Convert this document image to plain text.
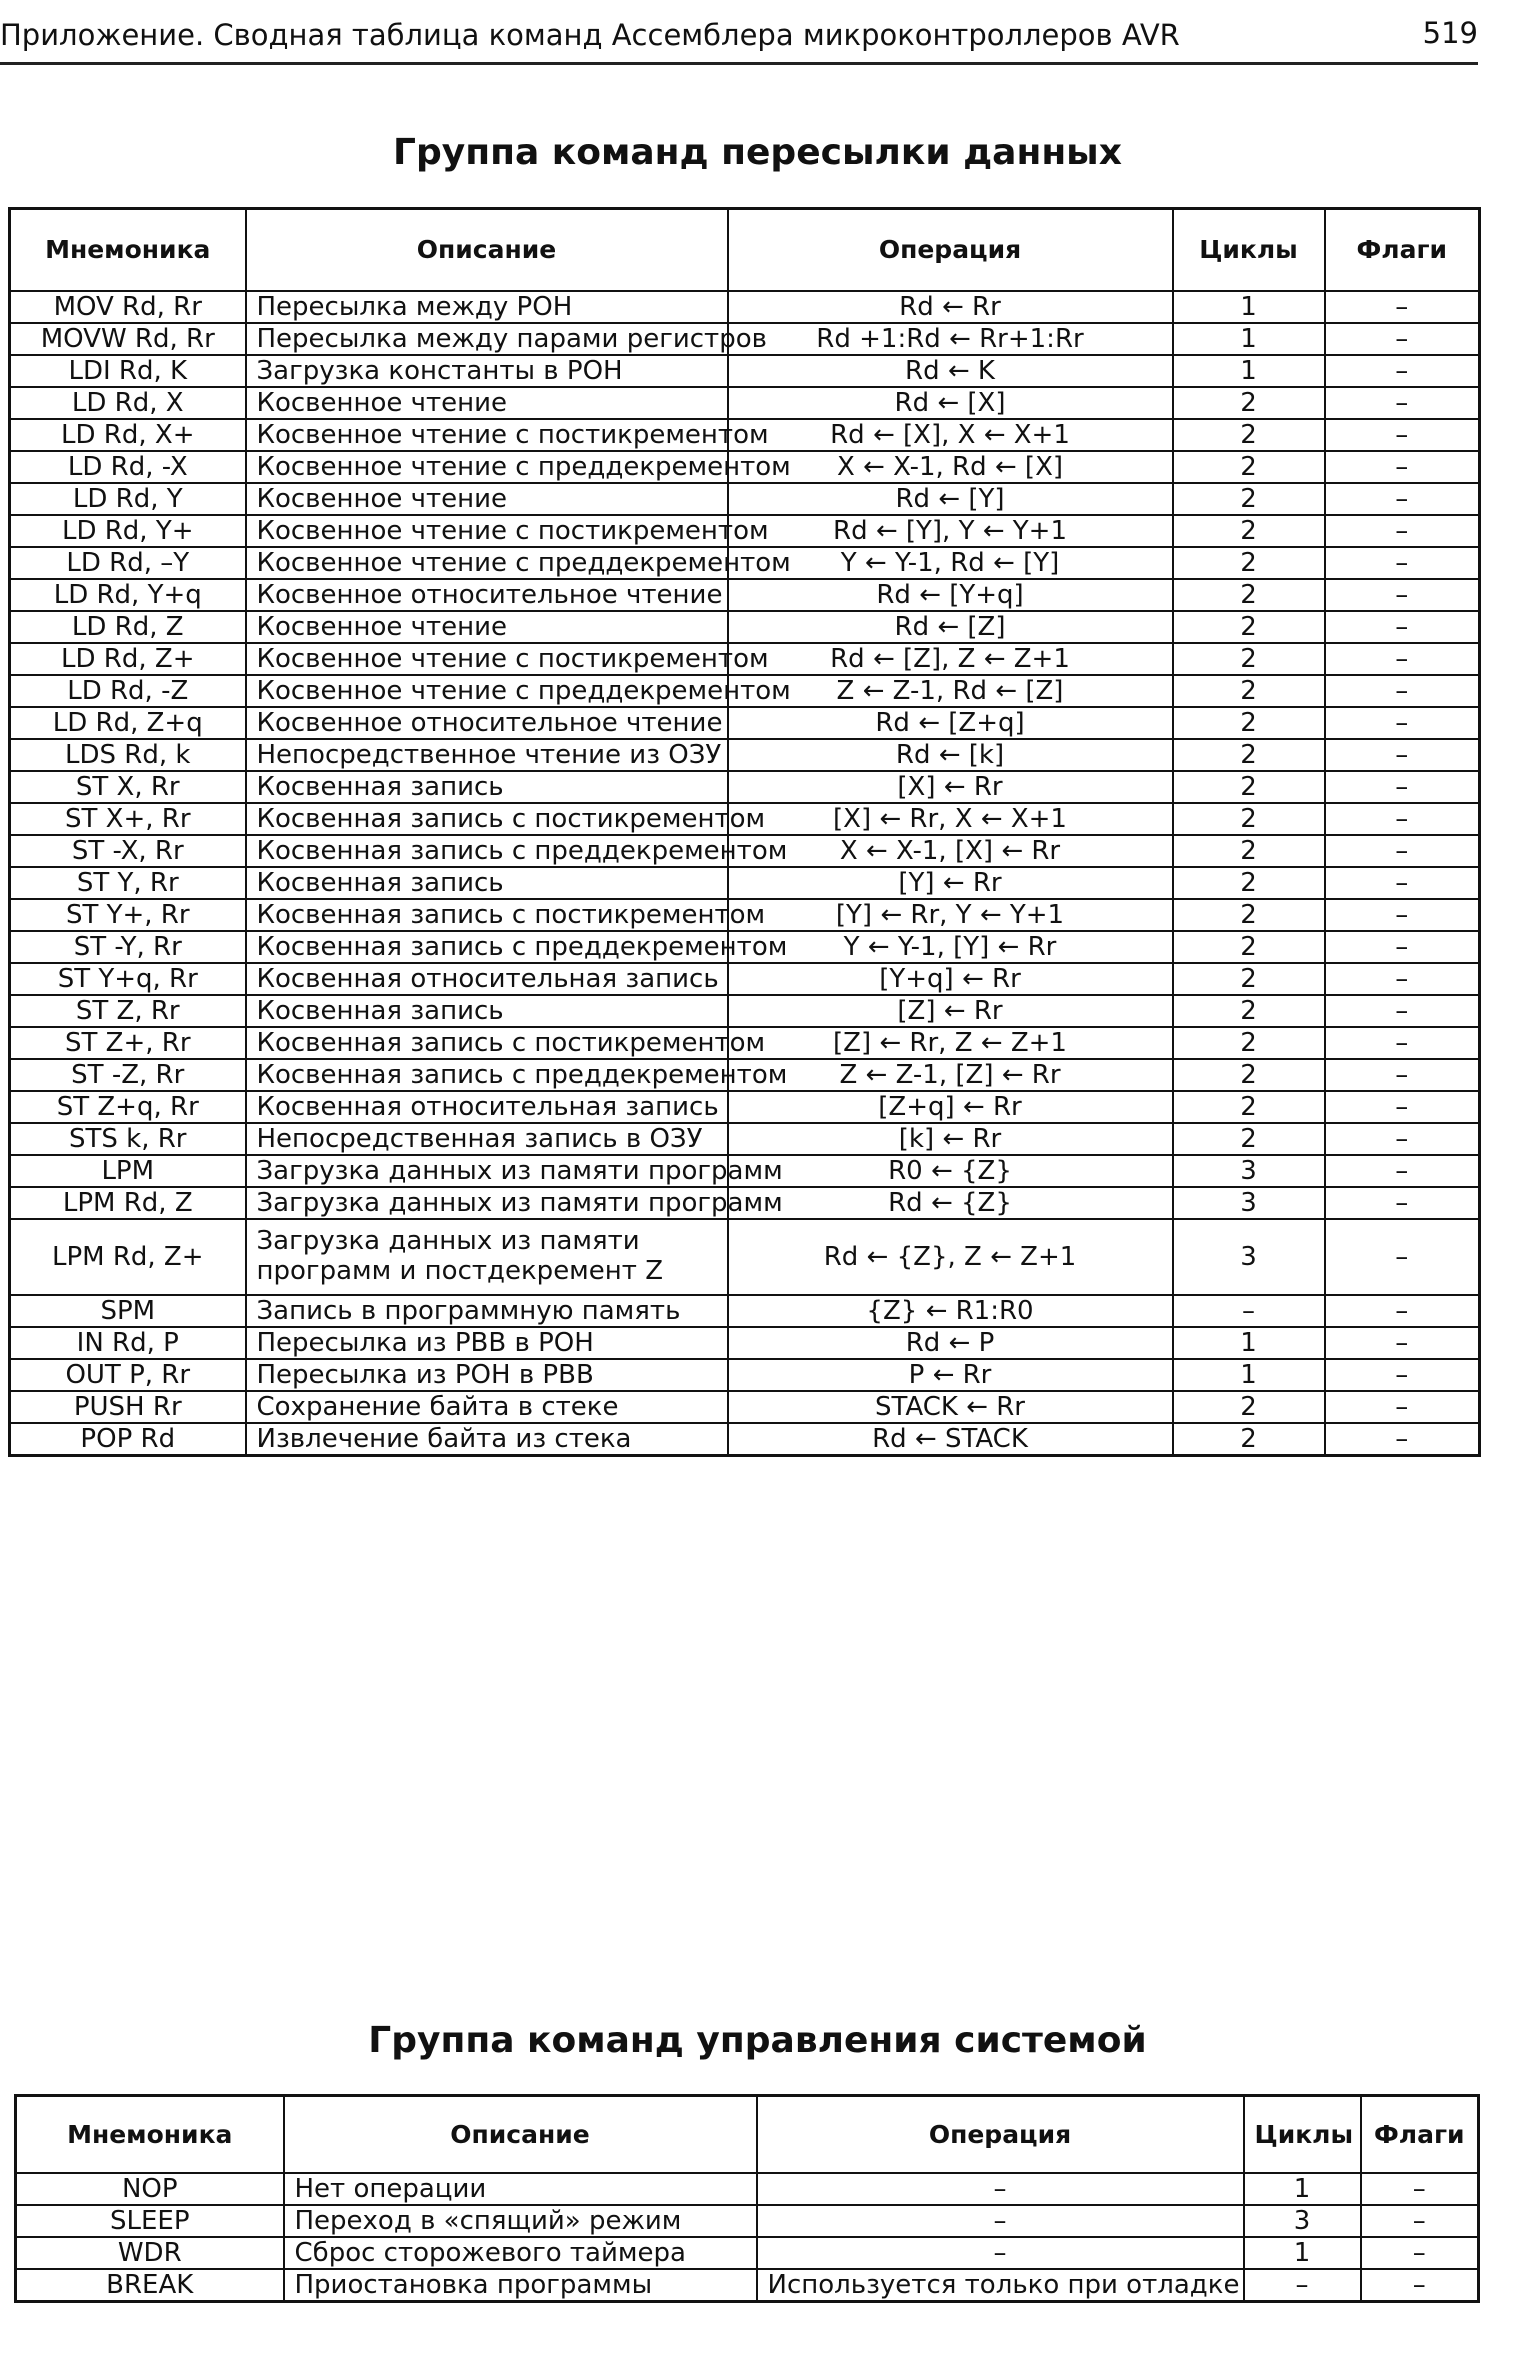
Приложение. Сводная таблица команд Ассемблера микроконтроллеров AVR	519
Группа команд пересылки данных
Мнемоника	Описание	Операция	Циклы	Флаги
MOV Rd, Rr	Пересылка между РОН	Rd ← Rr	1	–
MOVW Rd, Rr	Пересылка между парами регистров	Rd +1:Rd ← Rr+1:Rr	1	–
LDI Rd, K	Загрузка константы в РОН	Rd ← K	1	–
LD Rd, X	Косвенное чтение	Rd ← [X]	2	–
LD Rd, X+	Косвенное чтение с постикрементом	Rd ← [X], X ← X+1	2	–
LD Rd, -X	Косвенное чтение с преддекрементом	X ← X-1, Rd ← [X]	2	–
LD Rd, Y	Косвенное чтение	Rd ← [Y]	2	–
LD Rd, Y+	Косвенное чтение с постикрементом	Rd ← [Y], Y ← Y+1	2	–
LD Rd, –Y	Косвенное чтение с преддекрементом	Y ← Y-1, Rd ← [Y]	2	–
LD Rd, Y+q	Косвенное относительное чтение	Rd ← [Y+q]	2	–
LD Rd, Z	Косвенное чтение	Rd ← [Z]	2	–
LD Rd, Z+	Косвенное чтение с постикрементом	Rd ← [Z], Z ← Z+1	2	–
LD Rd, -Z	Косвенное чтение с преддекрементом	Z ← Z-1, Rd ← [Z]	2	–
LD Rd, Z+q	Косвенное относительное чтение	Rd ← [Z+q]	2	–
LDS Rd, k	Непосредственное чтение из ОЗУ	Rd ← [k]	2	–
ST X, Rr	Косвенная запись	[X] ← Rr	2	–
ST X+, Rr	Косвенная запись с постикрементом	[X] ← Rr, X ← X+1	2	–
ST -X, Rr	Косвенная запись с преддекрементом	X ← X-1, [X] ← Rr	2	–
ST Y, Rr	Косвенная запись	[Y] ← Rr	2	–
ST Y+, Rr	Косвенная запись с постикрементом	[Y] ← Rr, Y ← Y+1	2	–
ST -Y, Rr	Косвенная запись с преддекрементом	Y ← Y-1, [Y] ← Rr	2	–
ST Y+q, Rr	Косвенная относительная запись	[Y+q] ← Rr	2	–
ST Z, Rr	Косвенная запись	[Z] ← Rr	2	–
ST Z+, Rr	Косвенная запись с постикрементом	[Z] ← Rr, Z ← Z+1	2	–
ST -Z, Rr	Косвенная запись с преддекрементом	Z ← Z-1, [Z] ← Rr	2	–
ST Z+q, Rr	Косвенная относительная запись	[Z+q] ← Rr	2	–
STS k, Rr	Непосредственная запись в ОЗУ	[k] ← Rr	2	–
LPM	Загрузка данных из памяти программ	R0 ← {Z}	3	–
LPM Rd, Z	Загрузка данных из памяти программ	Rd ← {Z}	3	–
LPM Rd, Z+	Загрузка данных из памяти программ и постдекремент Z	Rd ← {Z}, Z ← Z+1	3	–
SPM	Запись в программную память	{Z} ← R1:R0	–	–
IN Rd, P	Пересылка из РВВ в РОН	Rd ← P	1	–
OUT P, Rr	Пересылка из РОН в РВВ	P ← Rr	1	–
PUSH Rr	Сохранение байта в стеке	STACK ← Rr	2	–
POP Rd	Извлечение байта из стека	Rd ← STACK	2	–
Группа команд управления системой
Мнемоника	Описание	Операция	Циклы	Флаги
NOP	Нет операции	–	1	–
SLEEP	Переход в «спящий» режим	–	3	–
WDR	Сброс сторожевого таймера	–	1	–
BREAK	Приостановка программы	Используется только при отладке	–	–
